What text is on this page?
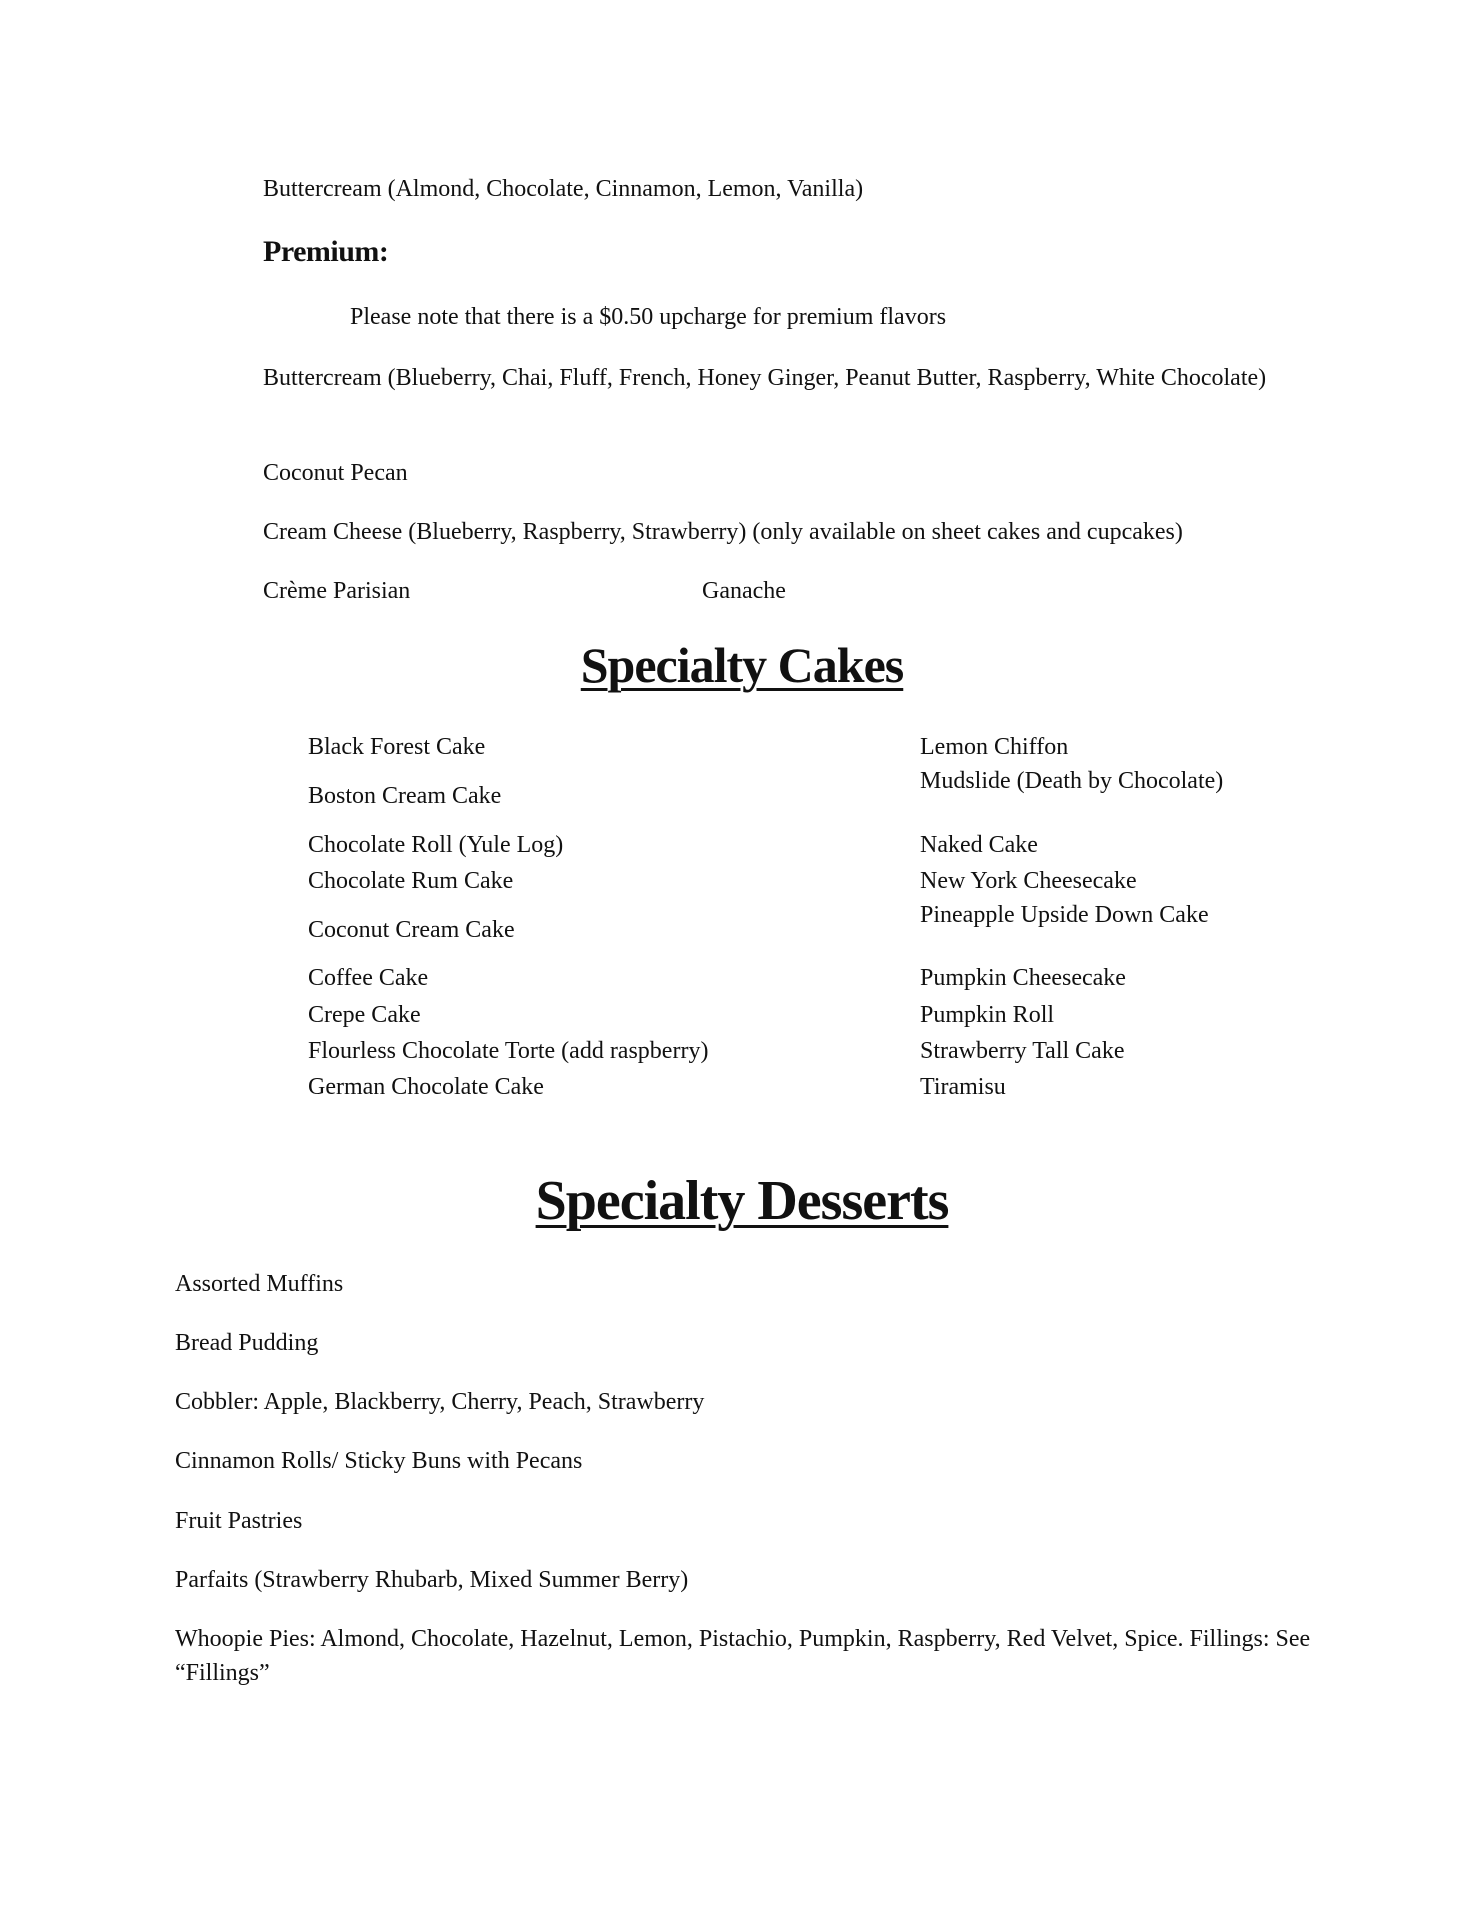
Buttercream (Almond, Chocolate, Cinnamon, Lemon, Vanilla)
Premium:
Please note that there is a $0.50 upcharge for premium flavors
Buttercream (Blueberry, Chai, Fluff, French, Honey Ginger, Peanut Butter, Raspberry, White Chocolate)
Coconut Pecan
Cream Cheese (Blueberry, Raspberry, Strawberry) (only available on sheet cakes and cupcakes)
Crème Parisian	Ganache
Specialty Cakes
Black Forest Cake
Boston Cream Cake
Chocolate Roll (Yule Log)
Chocolate Rum Cake
Coconut Cream Cake
Coffee Cake
Crepe Cake
Flourless Chocolate Torte (add raspberry)
German Chocolate Cake
Lemon Chiffon
Mudslide (Death by Chocolate)
Naked Cake
New York Cheesecake
Pineapple Upside Down Cake
Pumpkin Cheesecake
Pumpkin Roll
Strawberry Tall Cake
Tiramisu
Specialty Desserts
Assorted Muffins
Bread Pudding
Cobbler: Apple, Blackberry, Cherry, Peach, Strawberry
Cinnamon Rolls/ Sticky Buns with Pecans
Fruit Pastries
Parfaits (Strawberry Rhubarb, Mixed Summer Berry)
Whoopie Pies: Almond, Chocolate, Hazelnut, Lemon, Pistachio, Pumpkin, Raspberry, Red Velvet, Spice. Fillings: See “Fillings”
